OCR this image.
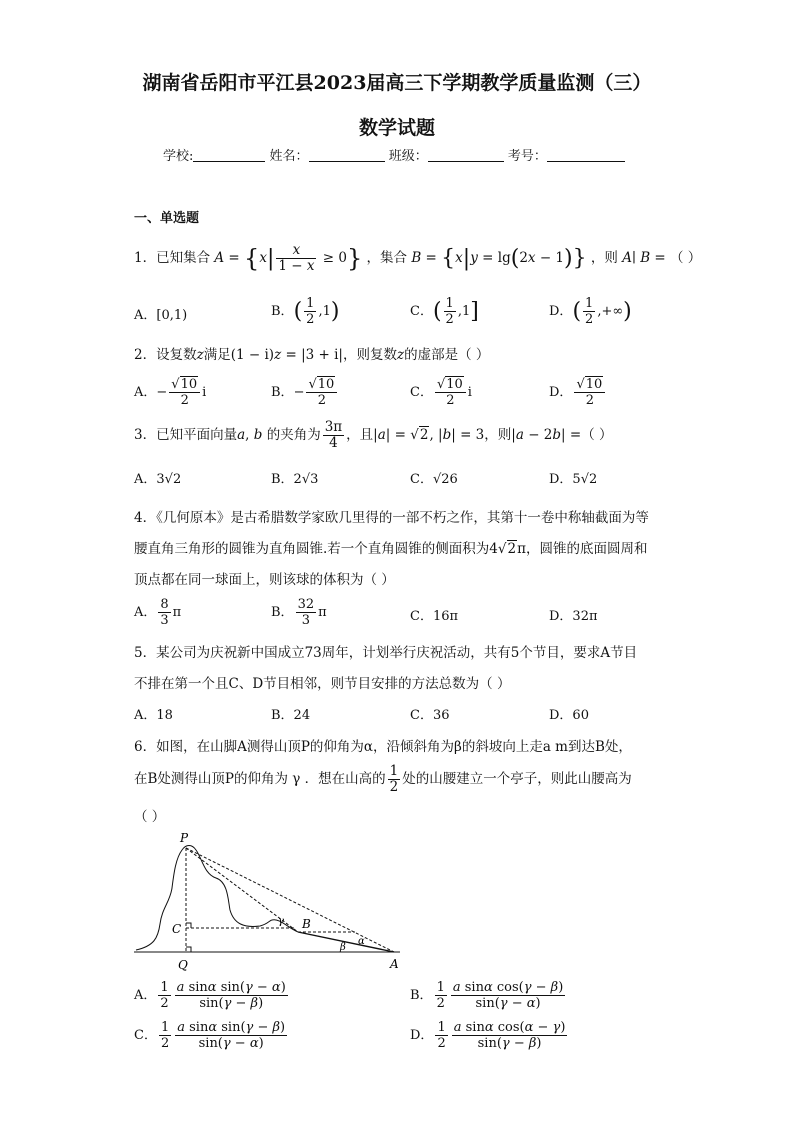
湖南省岳阳市平江县2023届高三下学期教学质量监测（三）
数学试题
学校:	姓名：	班级：	考号：
一、单选题
1．已知集合 $A = \{x| \frac{x}{1 - x} \ge 0\}$ ，集合 B = {x|y = lg(2x − 1)} ，则 A∣ B = （ ）
A．[0,1)	B．( $\frac{1}{2} ,1$)	C．( $\frac{1}{2} ,1$]	D．( $\frac{1}{2}$ ,+∞)
2．设复数z满足(1 − i)z = |3 + i|，则复数z的虚部是（ ）
A．− $\frac{√10}{2}$ i	B．− $\frac{√10}{2}$	C． $\frac{√10}{2}$ i	D． $\frac{√10}{2}$
3．已知平面向量a, b 的夹角为 $\frac{3\pi}{4}$ ，且|a| = √2, |b| = 3，则|a − 2b| =（ ）
A．3√2	B．2√3	C．√26	D．5√2
4．《几何原本》是古希腊数学家欧几里得的一部不朽之作，其第十一卷中称轴截面为等
腰直角三角形的圆锥为直角圆锥.若一个直角圆锥的侧面积为4√2π，圆锥的底面圆周和
顶点都在同一球面上，则该球的体积为（ ）
A． $\frac{8}{3}$ π	B． $\frac{32}{3}$ π	C．16π	D．32π
5．某公司为庆祝新中国成立73周年，计划举行庆祝活动，共有5个节目，要求A节目
不排在第一个且C、D节目相邻，则节目安排的方法总数为（ ）
A．18	B．24	C．36	D．60
6．如图，在山脚A测得山顶P的仰角为α，沿倾斜角为β的斜坡向上走a m到达B处，
在B处测得山顶P的仰角为 γ ．想在山高的 $\frac{1}{2}$ 处的山腰建立一个亭子，则此山腰高为
（ ）
P
B
C
Q	A
α
β
γ
A． $\frac{1}{2} \frac{\text{a sinα sin(γ − α)}}{\sin(\gamma - \beta)}$	B． $\frac{1}{2} \frac{\text{a sinα cos(γ − β)}}{\sin(\gamma - \alpha)}$
C． $\frac{1}{2} \frac{\text{a sinα sin(γ − β)}}{\sin(\gamma - \alpha)}$	D． $\frac{1}{2} \frac{\text{a sinα cos(α − γ)}}{\sin(\gamma - \beta)}$
